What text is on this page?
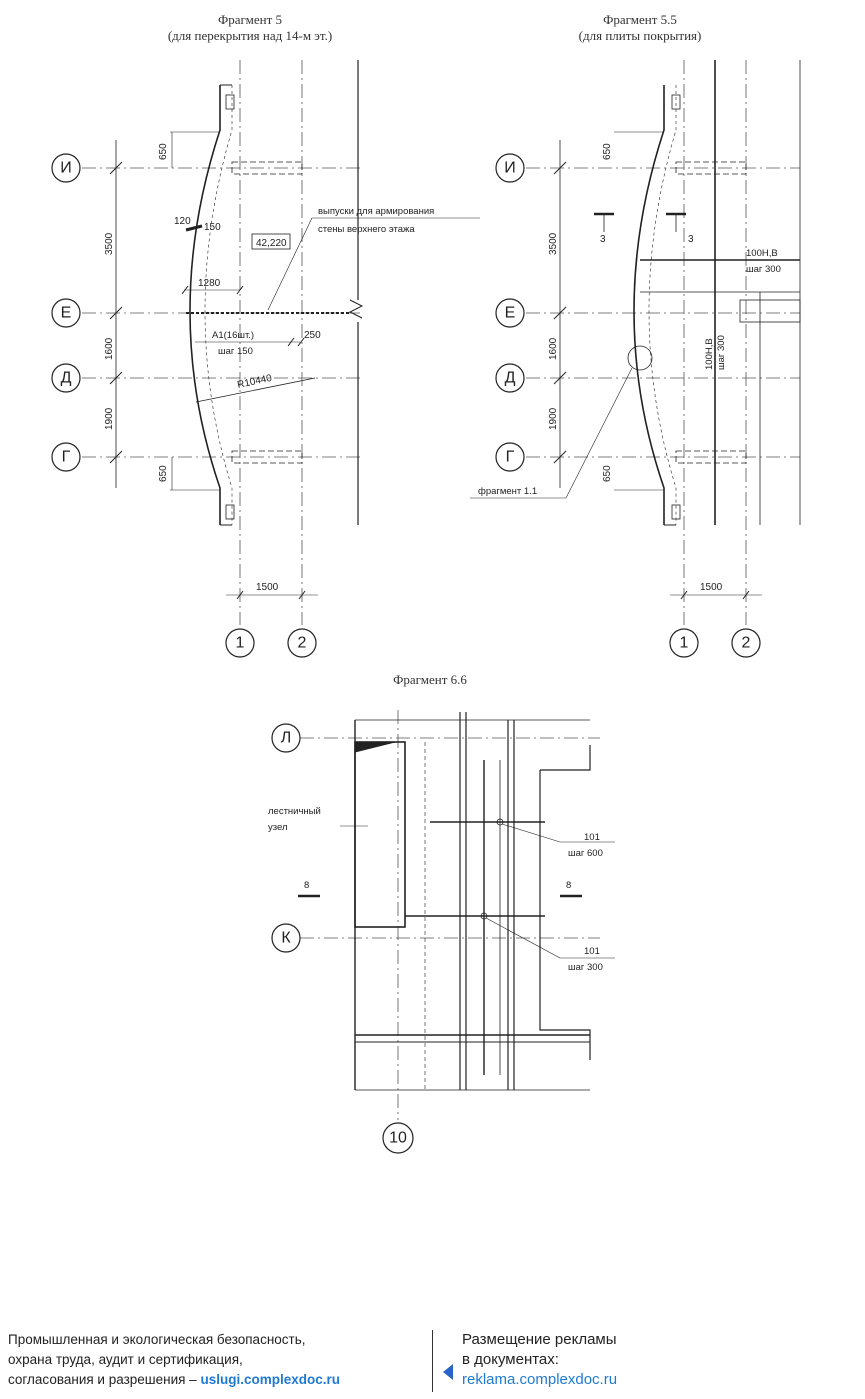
Фрагмент 5
(для перекрытия над 14-м эт.)
Фрагмент 5.5
(для плиты покрытия)
Фрагмент 6.6
И
Е
Д
Г
1	2
И
Е
Д
Г
1	2
Л
К
10
650
3500
1600
1900
650
1280
120
150
250
R10440
42,220
1500
выпуски для армирования
стены верхнего этажа
А1(16шт.)
шаг 150
650
3500
1600
1900
650
3	3
1500
100Н,В
шаг 300
100Н,В шаг 300
фрагмент 1.1
лестничный
узел
101
шаг 600
101
шаг 300
8	8

Промышленная и экологическая безопасность,
охрана труда, аудит и сертификация,
согласования и разрешения – uslugi.complexdoc.ru
Размещение рекламы
в документах:
reklama.complexdoc.ru
